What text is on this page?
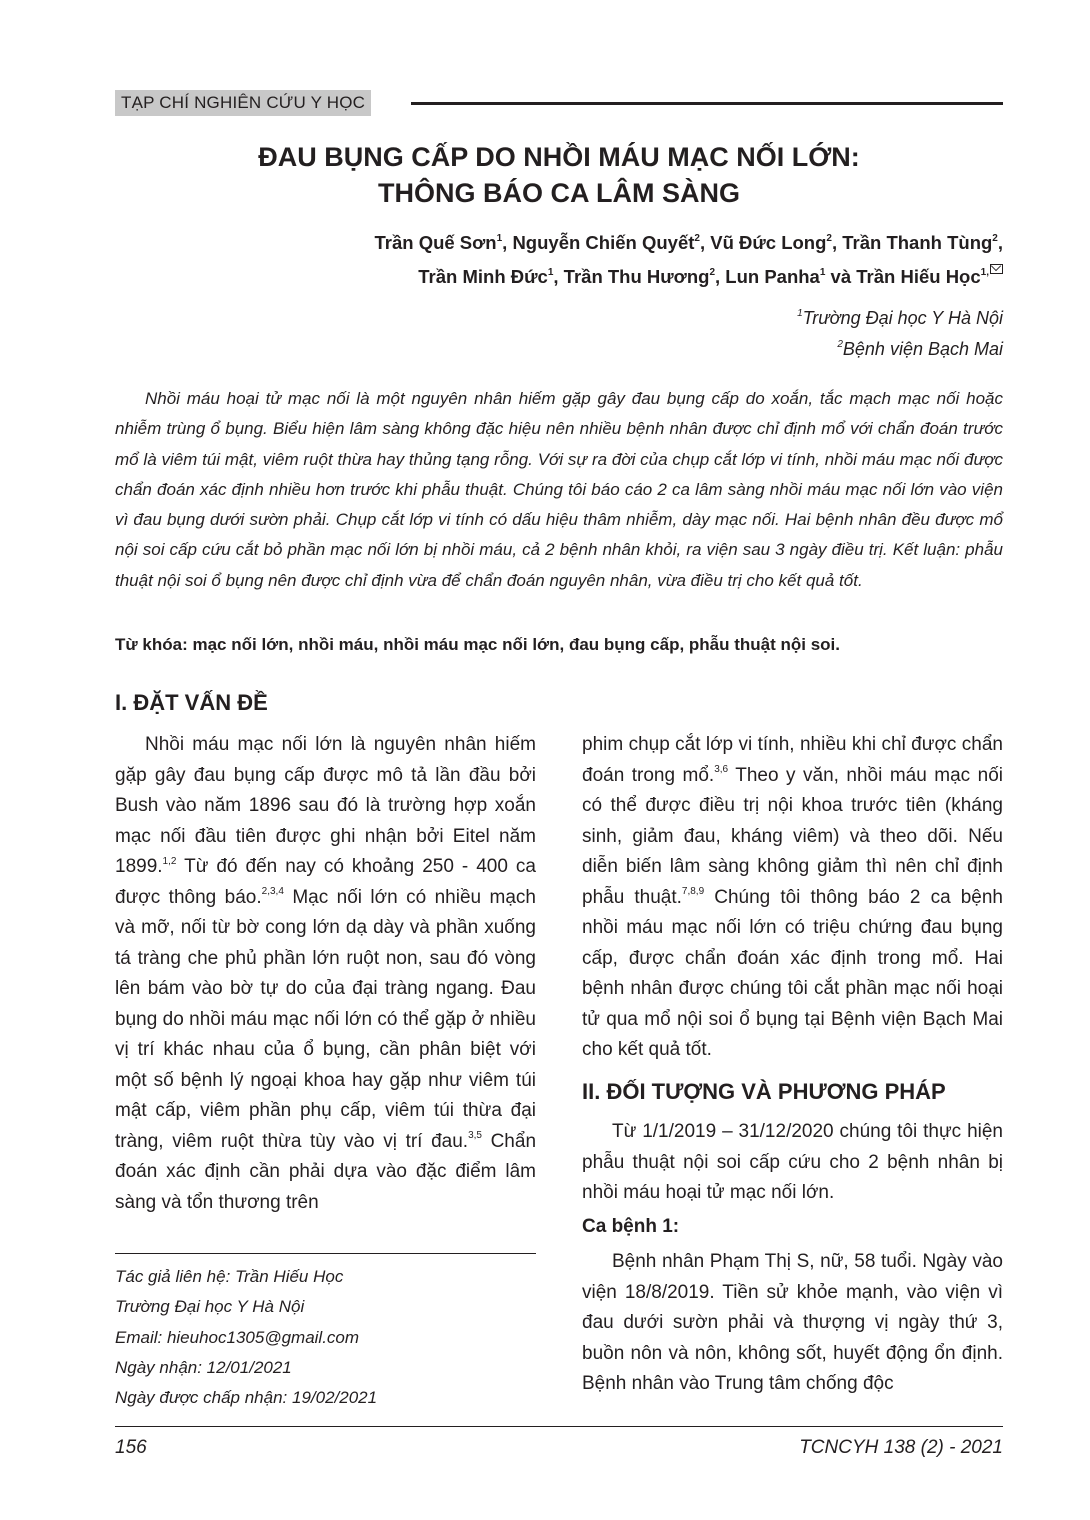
TẠP CHÍ NGHIÊN CỨU Y HỌC
ĐAU BỤNG CẤP DO NHỒI MÁU MẠC NỐI LỚN:
THÔNG BÁO CA LÂM SÀNG
Trần Quế Sơn$^1$, Nguyễn Chiến Quyết$^2$, Vũ Đức Long$^2$, Trần Thanh Tùng$^2$,
Trần Minh Đức$^1$, Trần Thu Hương$^2$, Lun Panha$^1$ và Trần Hiếu Học$^{1,}$
$^1$Trường Đại học Y Hà Nội
$^2$Bệnh viện Bạch Mai

Nhồi máu hoại tử mạc nối là một nguyên nhân hiếm gặp gây đau bụng cấp do xoắn, tắc mạch mạc nối hoặc nhiễm trùng ổ bụng. Biểu hiện lâm sàng không đặc hiệu nên nhiều bệnh nhân được chỉ định mổ với chẩn đoán trước mổ là viêm túi mật, viêm ruột thừa hay thủng tạng rỗng. Với sự ra đời của chụp cắt lớp vi tính, nhồi máu mạc nối được chẩn đoán xác định nhiều hơn trước khi phẫu thuật. Chúng tôi báo cáo 2 ca lâm sàng nhồi máu mạc nối lớn vào viện vì đau bụng dưới sườn phải. Chụp cắt lớp vi tính có dấu hiệu thâm nhiễm, dày mạc nối. Hai bệnh nhân đều được mổ nội soi cấp cứu cắt bỏ phần mạc nối lớn bị nhồi máu, cả 2 bệnh nhân khỏi, ra viện sau 3 ngày điều trị. Kết luận: phẫu thuật nội soi ổ bụng nên được chỉ định vừa để chẩn đoán nguyên nhân, vừa điều trị cho kết quả tốt.

Từ khóa: mạc nối lớn, nhồi máu, nhồi máu mạc nối lớn, đau bụng cấp, phẫu thuật nội soi.
I. ĐẶT VẤN ĐỀ

Nhồi máu mạc nối lớn là nguyên nhân hiếm gặp gây đau bụng cấp được mô tả lần đầu bởi Bush vào năm 1896 sau đó là trường hợp xoắn mạc nối đầu tiên được ghi nhận bởi Eitel năm 1899.$^{1,2}$ Từ đó đến nay có khoảng 250 - 400 ca được thông báo.$^{2,3,4}$ Mạc nối lớn có nhiều mạch và mỡ, nối từ bờ cong lớn dạ dày và phần xuống tá tràng che phủ phần lớn ruột non, sau đó vòng lên bám vào bờ tự do của đại tràng ngang. Đau bụng do nhồi máu mạc nối lớn có thể gặp ở nhiều vị trí khác nhau của ổ bụng, cần phân biệt với một số bệnh lý ngoại khoa hay gặp như viêm túi mật cấp, viêm phần phụ cấp, viêm túi thừa đại tràng, viêm ruột thừa tùy vào vị trí đau.$^{3,5}$ Chẩn đoán xác định cần phải dựa vào đặc điểm lâm sàng và tổn thương trên

phim chụp cắt lớp vi tính, nhiều khi chỉ được chẩn đoán trong mổ.$^{3,6}$ Theo y văn, nhồi máu mạc nối có thể được điều trị nội khoa trước tiên (kháng sinh, giảm đau, kháng viêm) và theo dõi. Nếu diễn biến lâm sàng không giảm thì nên chỉ định phẫu thuật.$^{7,8,9}$ Chúng tôi thông báo 2 ca bệnh nhồi máu mạc nối lớn có triệu chứng đau bụng cấp, được chẩn đoán xác định trong mổ. Hai bệnh nhân được chúng tôi cắt phần mạc nối hoại tử qua mổ nội soi ổ bụng tại Bệnh viện Bạch Mai cho kết quả tốt.

II. ĐỐI TƯỢNG VÀ PHƯƠNG PHÁP

Từ 1/1/2019 – 31/12/2020 chúng tôi thực hiện phẫu thuật nội soi cấp cứu cho 2 bệnh nhân bị nhồi máu hoại tử mạc nối lớn.

Ca bệnh 1:

Bệnh nhân Phạm Thị S, nữ, 58 tuổi. Ngày vào viện 18/8/2019. Tiền sử khỏe mạnh, vào viện vì đau dưới sườn phải và thượng vị ngày thứ 3, buồn nôn và nôn, không sốt, huyết động ổn định. Bệnh nhân vào Trung tâm chống độc

Tác giả liên hệ: Trần Hiếu Học
Trường Đại học Y Hà Nội
Email: hieuhoc1305@gmail.com
Ngày nhận: 12/01/2021
Ngày được chấp nhận: 19/02/2021
156	TCNCYH 138 (2) - 2021
